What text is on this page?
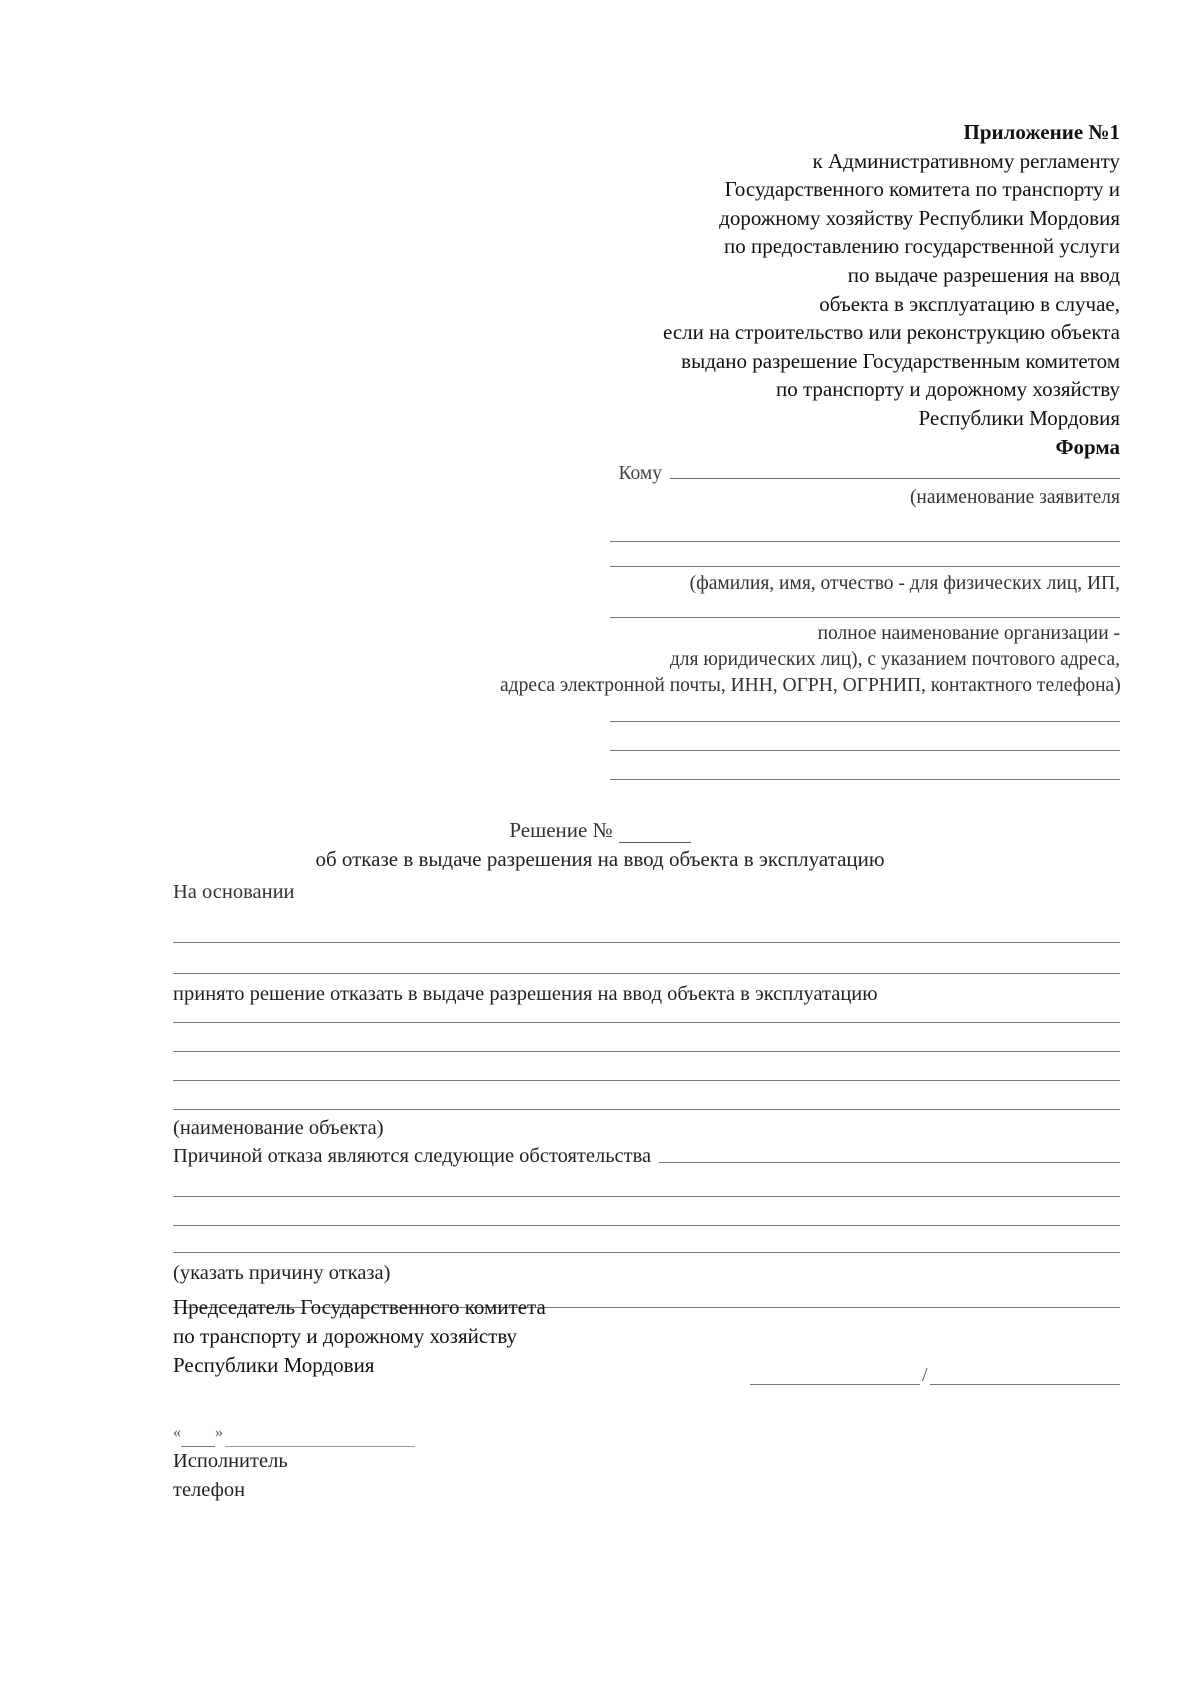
Приложение №1
к Административному регламенту
Государственного комитета по транспорту и
дорожному хозяйству Республики Мордовия
по предоставлению государственной услуги
по выдаче разрешения на ввод
объекта в эксплуатацию в случае,
если на строительство или реконструкцию объекта
выдано разрешение Государственным комитетом
по транспорту и дорожному хозяйству
Республики Мордовия
Форма
Кому
(наименование заявителя
(фамилия, имя, отчество - для физических лиц, ИП,
полное наименование организации -
для юридических лиц), с указанием почтового адреса,
адреса электронной почты, ИНН, ОГРН, ОГРНИП, контактного телефона)
Решение №
об отказе в выдаче разрешения на ввод объекта в эксплуатацию
На основании
принято решение отказать в выдаче разрешения на ввод объекта в эксплуатацию
(наименование объекта)
Причиной отказа являются следующие обстоятельства
(указать причину отказа)
Председатель Государственного комитета
по транспорту и дорожному хозяйству
Республики Мордовия	/
« »
Исполнитель
телефон
